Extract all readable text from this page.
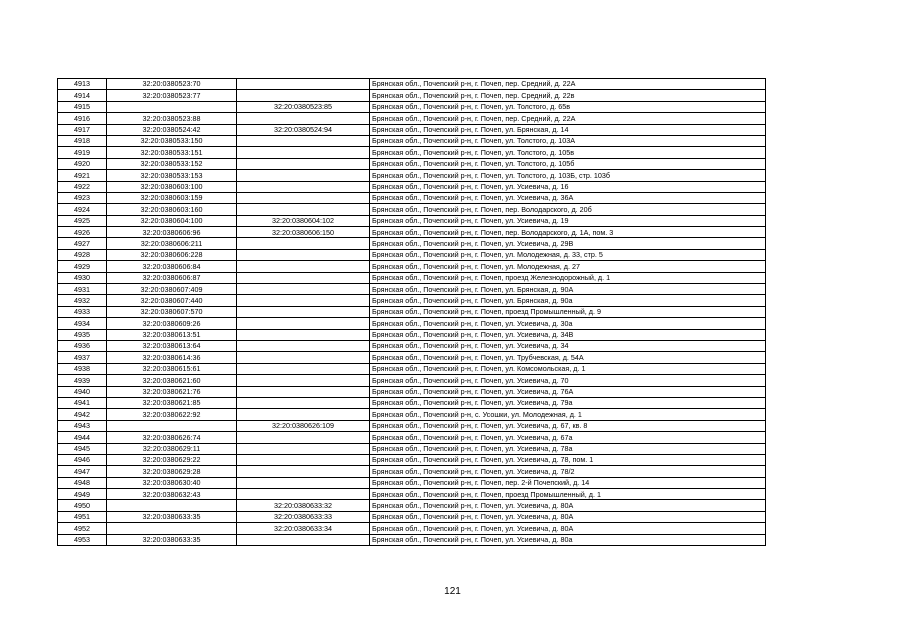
4913	32:20:0380523:70		Брянская обл., Почепский р-н, г. Почеп, пер. Средний, д. 22А
4914	32:20:0380523:77		Брянская обл., Почепский р-н, г. Почеп, пер. Средний, д. 22в
4915		32:20:0380523:85	Брянская обл., Почепский р-н, г. Почеп, ул. Толстого, д. 65в
4916	32:20:0380523:88		Брянская обл., Почепский р-н, г. Почеп, пер. Средний, д. 22А
4917	32:20:0380524:42	32:20:0380524:94	Брянская обл., Почепский р-н, г. Почеп, ул. Брянская, д. 14
4918	32:20:0380533:150		Брянская обл., Почепский р-н, г. Почеп, ул. Толстого, д. 103А
4919	32:20:0380533:151		Брянская обл., Почепский р-н, г. Почеп, ул. Толстого, д. 105в
4920	32:20:0380533:152		Брянская обл., Почепский р-н, г. Почеп, ул. Толстого, д. 105б
4921	32:20:0380533:153		Брянская обл., Почепский р-н, г. Почеп, ул. Толстого, д. 103Б, стр. 103б
4922	32:20:0380603:100		Брянская обл., Почепский р-н, г. Почеп, ул. Усиевича, д. 16
4923	32:20:0380603:159		Брянская обл., Почепский р-н, г. Почеп, ул. Усиевича, д. 36А
4924	32:20:0380603:160		Брянская обл., Почепский р-н, г. Почеп, пер. Володарского, д. 20б
4925	32:20:0380604:100	32:20:0380604:102	Брянская обл., Почепский р-н, г. Почеп, ул. Усиевича, д. 19
4926	32:20:0380606:96	32:20:0380606:150	Брянская обл., Почепский р-н, г. Почеп, пер. Володарского, д. 1А, пом. 3
4927	32:20:0380606:211		Брянская обл., Почепский р-н, г. Почеп, ул. Усиевича, д. 29В
4928	32:20:0380606:228		Брянская обл., Почепский р-н, г. Почеп, ул. Молодежная, д. 33, стр. 5
4929	32:20:0380606:84		Брянская обл., Почепский р-н, г. Почеп, ул. Молодежная, д. 27
4930	32:20:0380606:87		Брянская обл., Почепский р-н, г. Почеп, проезд Железнодорожный, д. 1
4931	32:20:0380607:409		Брянская обл., Почепский р-н, г. Почеп, ул. Брянская, д. 90А
4932	32:20:0380607:440		Брянская обл., Почепский р-н, г. Почеп, ул. Брянская, д. 90а
4933	32:20:0380607:570		Брянская обл., Почепский р-н, г. Почеп, проезд Промышленный, д. 9
4934	32:20:0380609:26		Брянская обл., Почепский р-н, г. Почеп, ул. Усиевича, д. 30а
4935	32:20:0380613:51		Брянская обл., Почепский р-н, г. Почеп, ул. Усиевича, д. 34В
4936	32:20:0380613:64		Брянская обл., Почепский р-н, г. Почеп, ул. Усиевича, д. 34
4937	32:20:0380614:36		Брянская обл., Почепский р-н, г. Почеп, ул. Трубчевская, д. 54А
4938	32:20:0380615:61		Брянская обл., Почепский р-н, г. Почеп, ул. Комсомольская, д. 1
4939	32:20:0380621:60		Брянская обл., Почепский р-н, г. Почеп, ул. Усиевича, д. 70
4940	32:20:0380621:76		Брянская обл., Почепский р-н, г. Почеп, ул. Усиевича, д. 76А
4941	32:20:0380621:85		Брянская обл., Почепский р-н, г. Почеп, ул. Усиевича, д. 79а
4942	32:20:0380622:92		Брянская обл., Почепский р-н, с. Усошки, ул. Молодежная, д. 1
4943		32:20:0380626:109	Брянская обл., Почепский р-н, г. Почеп, ул. Усиевича, д. 67, кв. 8
4944	32:20:0380626:74		Брянская обл., Почепский р-н, г. Почеп, ул. Усиевича, д. 67а
4945	32:20:0380629:11		Брянская обл., Почепский р-н, г. Почеп, ул. Усиевича, д. 78а
4946	32:20:0380629:22		Брянская обл., Почепский р-н, г. Почеп, ул. Усиевича, д. 78, пом. 1
4947	32:20:0380629:28		Брянская обл., Почепский р-н, г. Почеп, ул. Усиевича, д. 78/2
4948	32:20:0380630:40		Брянская обл., Почепский р-н, г. Почеп, пер. 2-й Почепский, д. 14
4949	32:20:0380632:43		Брянская обл., Почепский р-н, г. Почеп, проезд Промышленный, д. 1
4950		32:20:0380633:32	Брянская обл., Почепский р-н, г. Почеп, ул. Усиевича, д. 80А
4951	32:20:0380633:35	32:20:0380633:33	Брянская обл., Почепский р-н, г. Почеп, ул. Усиевича, д. 80А
4952		32:20:0380633:34	Брянская обл., Почепский р-н, г. Почеп, ул. Усиевича, д. 80А
4953	32:20:0380633:35		Брянская обл., Почепский р-н, г. Почеп, ул. Усиевича, д. 80а
121
